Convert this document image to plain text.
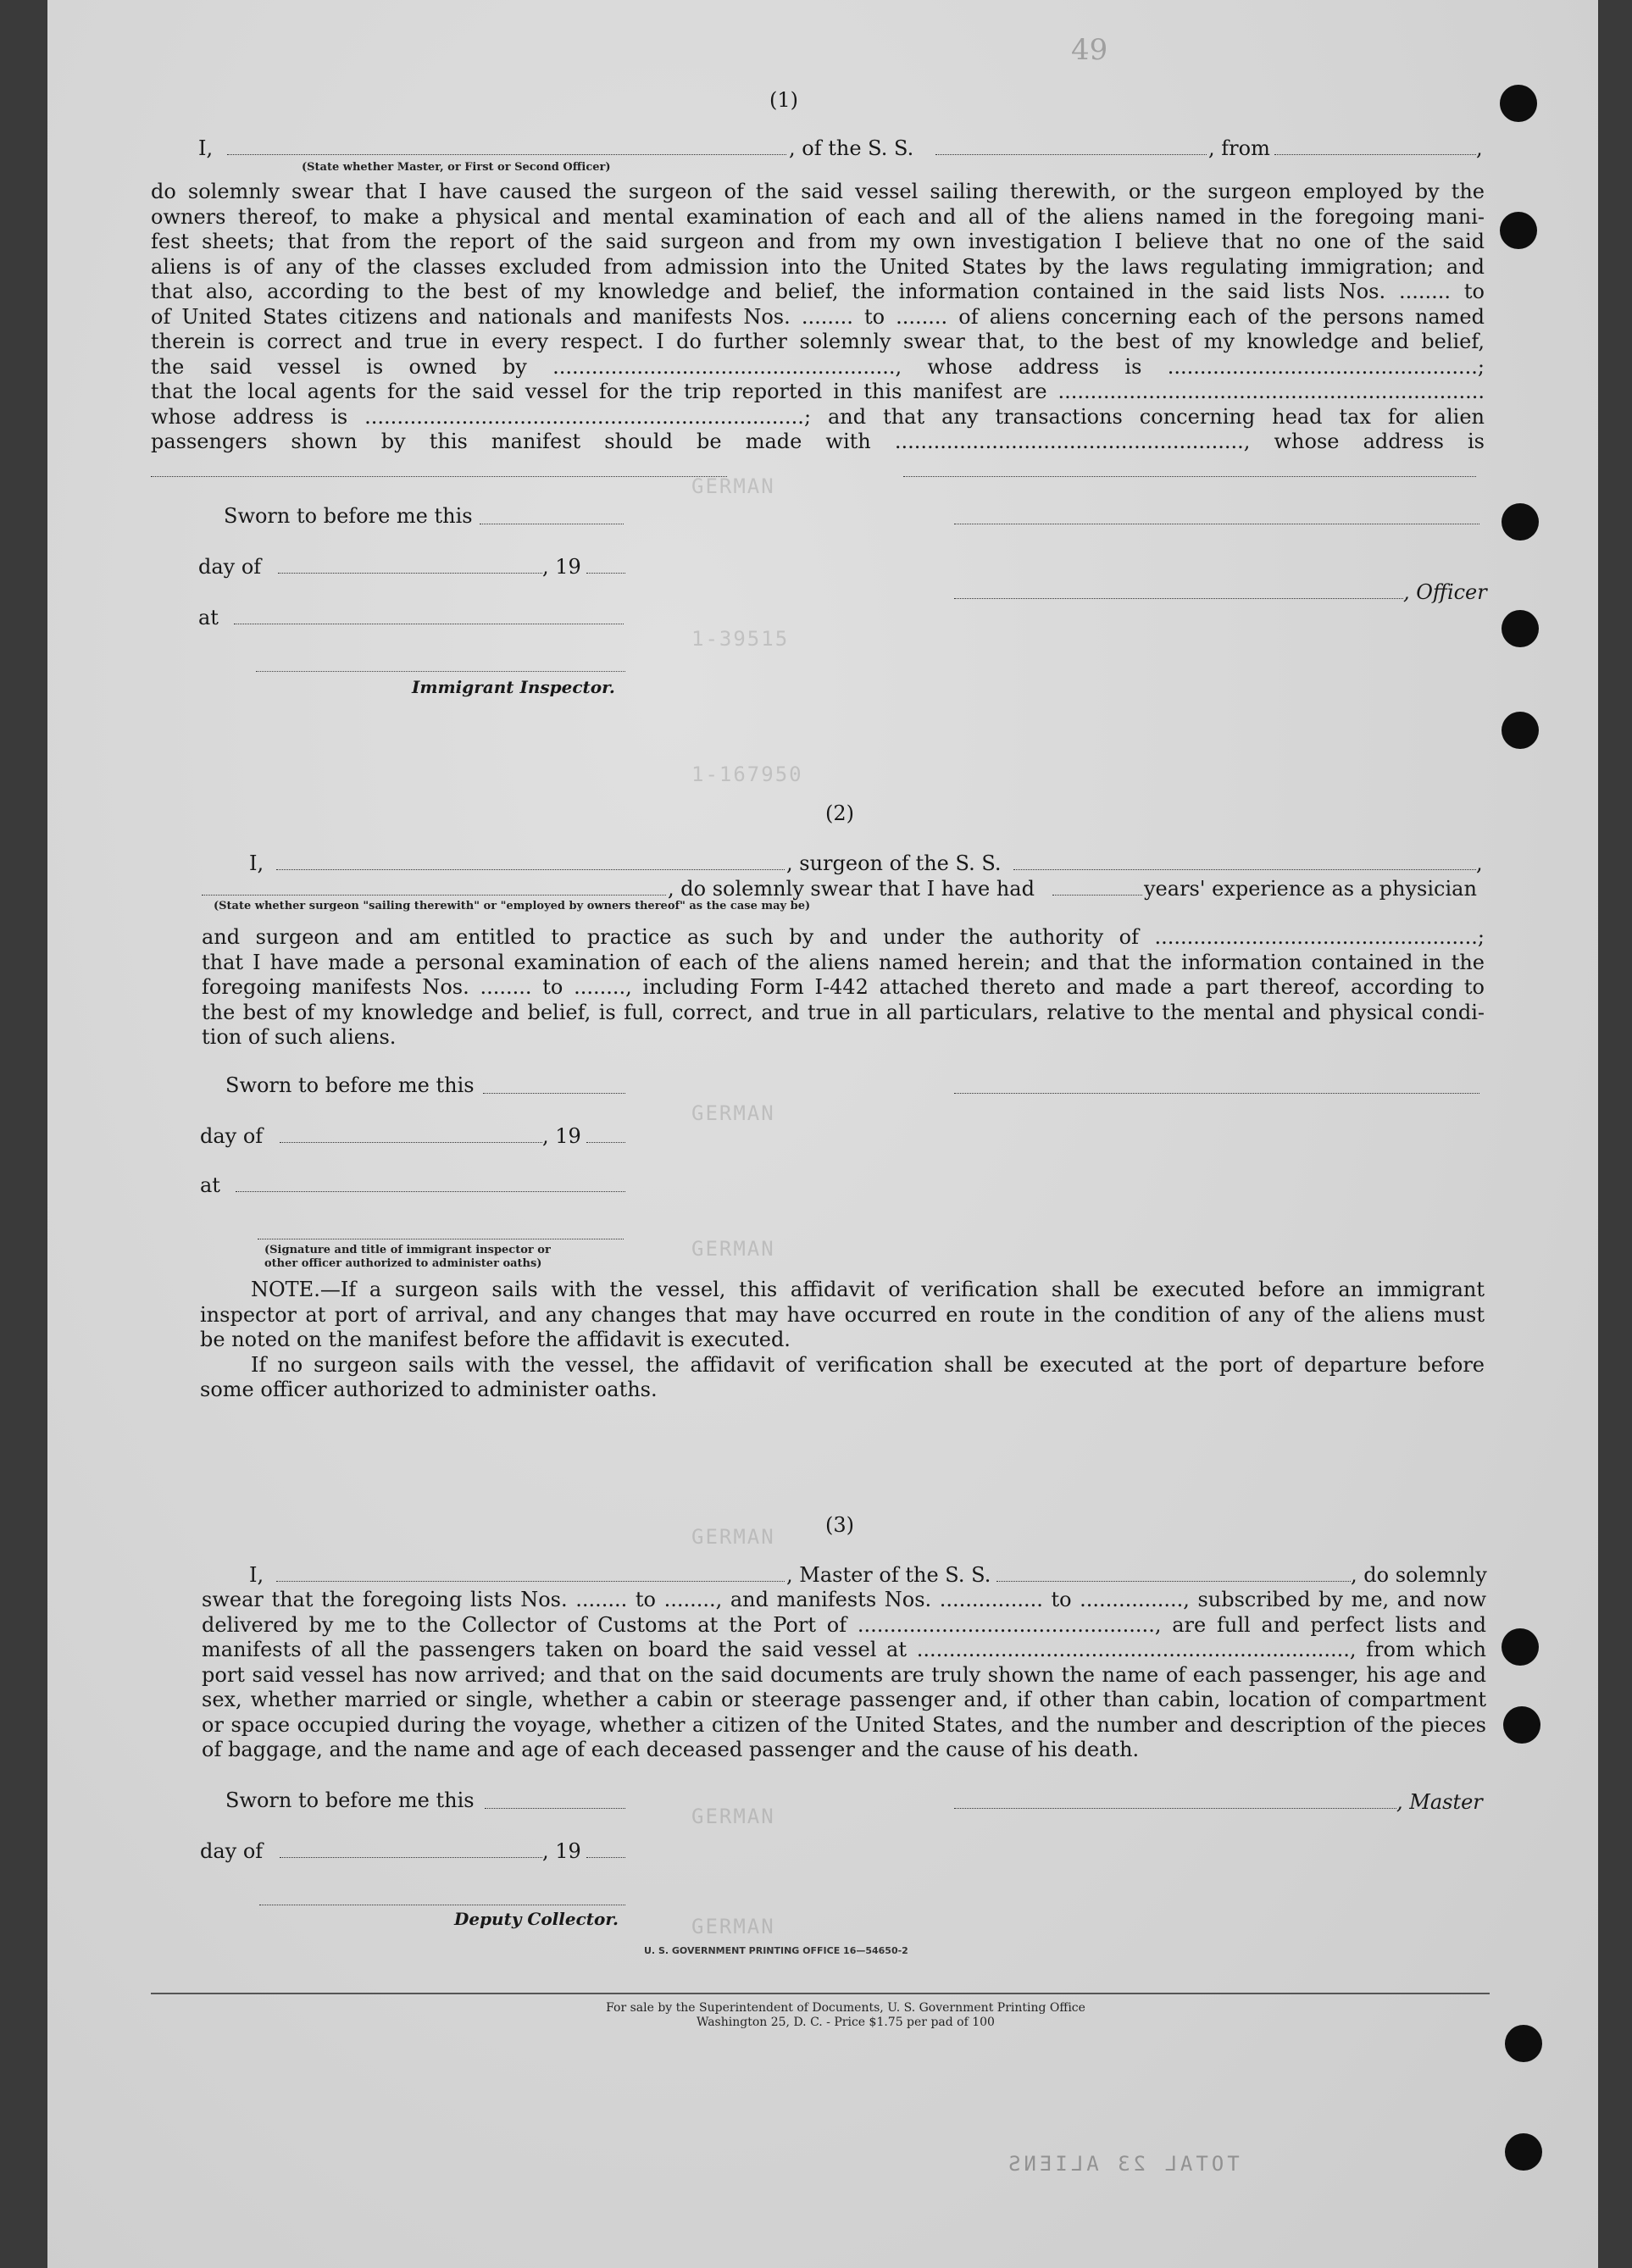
GERMAN
1-39515
1-167950
GERMAN
GERMAN
GERMAN
GERMAN
GERMAN
49
(1)
I,
(State whether Master, or First or Second Officer)
, of the S. S.	, from	,
do solemnly swear that I have caused the surgeon of the said vessel sailing therewith, or the surgeon employed by the
owners thereof, to make a physical and mental examination of each and all of the aliens named in the foregoing mani-
fest sheets; that from the report of the said surgeon and from my own investigation I believe that no one of the said
aliens is of any of the classes excluded from admission into the United States by the laws regulating immigration; and
that also, according to the best of my knowledge and belief, the information contained in the said lists Nos. ........ to
of United States citizens and nationals and manifests Nos. ........ to ........ of aliens concerning each of the persons named
therein is correct and true in every respect. I do further solemnly swear that, to the best of my knowledge and belief,
the said vessel is owned by ....................................................., whose address is ................................................;
that the local agents for the said vessel for the trip reported in this manifest are ..................................................................
whose address is ....................................................................; and that any transactions concerning head tax for alien
passengers shown by this manifest should be made with ......................................................, whose address is
Sworn to before me this
day of	, 19
, Officer
at
Immigrant Inspector.
(2)
I,	, surgeon of the S. S.	,
, do solemnly swear that I have had	years' experience as a physician
(State whether surgeon "sailing therewith" or "employed by owners thereof" as the case may be)
and surgeon and am entitled to practice as such by and under the authority of ..................................................;
that I have made a personal examination of each of the aliens named herein; and that the information contained in the
foregoing manifests Nos. ........ to ........, including Form I-442 attached thereto and made a part thereof, according to
the best of my knowledge and belief, is full, correct, and true in all particulars, relative to the mental and physical condi-
tion of such aliens.
Sworn to before me this
day of	, 19
at
(Signature and title of immigrant inspector or
other officer authorized to administer oaths)
NOTE.—If a surgeon sails with the vessel, this affidavit of verification shall be executed before an immigrant
inspector at port of arrival, and any changes that may have occurred en route in the condition of any of the aliens must
be noted on the manifest before the affidavit is executed.
If no surgeon sails with the vessel, the affidavit of verification shall be executed at the port of departure before
some officer authorized to administer oaths.
(3)
I,	, Master of the S. S.	, do solemnly
swear that the foregoing lists Nos. ........ to ........, and manifests Nos. ................ to ................, subscribed by me, and now
delivered by me to the Collector of Customs at the Port of .............................................., are full and perfect lists and
manifests of all the passengers taken on board the said vessel at ..................................................................., from which
port said vessel has now arrived; and that on the said documents are truly shown the name of each passenger, his age and
sex, whether married or single, whether a cabin or steerage passenger and, if other than cabin, location of compartment
or space occupied during the voyage, whether a citizen of the United States, and the number and description of the pieces
of baggage, and the name and age of each deceased passenger and the cause of his death.
Sworn to before me this	, Master
day of	, 19
Deputy Collector.
U. S. GOVERNMENT PRINTING OFFICE 16—54650-2
For sale by the Superintendent of Documents, U. S. Government Printing Office
Washington 25, D. C. - Price $1.75 per pad of 100
TOTAL 23 ALIENS
